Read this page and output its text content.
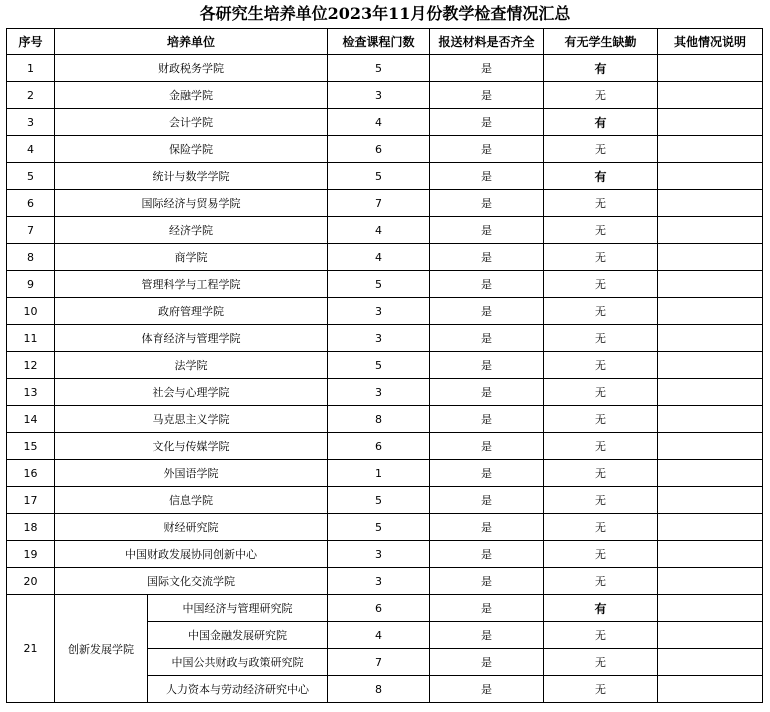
各研究生培养单位2023年11月份教学检查情况汇总
序号	培养单位		检查课程门数	报送材料是否齐全	有无学生缺勤	其他情况说明
1	财政税务学院		5	是	有	
2	金融学院		3	是	无	
3	会计学院		4	是	有	
4	保险学院		6	是	无	
5	统计与数学学院		5	是	有	
6	国际经济与贸易学院		7	是	无	
7	经济学院		4	是	无	
8	商学院		4	是	无	
9	管理科学与工程学院		5	是	无	
10	政府管理学院		3	是	无	
11	体育经济与管理学院		3	是	无	
12	法学院		5	是	无	
13	社会与心理学院		3	是	无	
14	马克思主义学院		8	是	无	
15	文化与传媒学院		6	是	无	
16	外国语学院		1	是	无	
17	信息学院		5	是	无	
18	财经研究院		5	是	无	
19	中国财政发展协同创新中心		3	是	无	
20	国际文化交流学院		3	是	无	
21	创新发展学院	中国经济与管理研究院	6	是	有	
		中国金融发展研究院	4	是	无	
		中国公共财政与政策研究院	7	是	无	
		人力资本与劳动经济研究中心	8	是	无	
